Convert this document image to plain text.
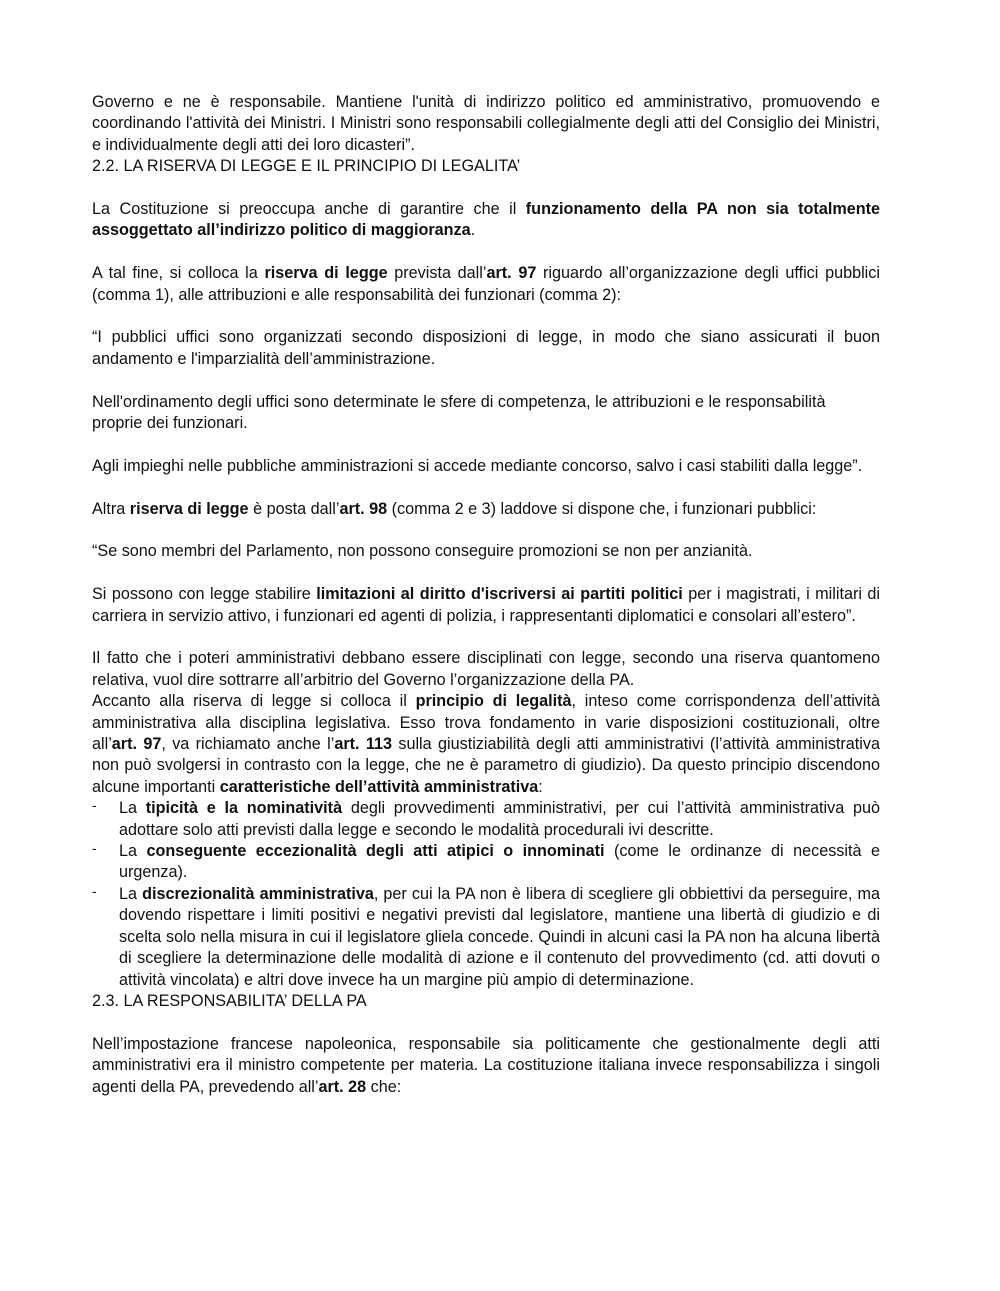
Governo e ne è responsabile. Mantiene l'unità di indirizzo politico ed amministrativo, promuovendo e coordinando l'attività dei Ministri. I Ministri sono responsabili collegialmente degli atti del Consiglio dei Ministri, e individualmente degli atti dei loro dicasteri”.

2.2. LA RISERVA DI LEGGE E IL PRINCIPIO DI LEGALITA’

La Costituzione si preoccupa anche di garantire che il funzionamento della PA non sia totalmente assoggettato all’indirizzo politico di maggioranza.

A tal fine, si colloca la riserva di legge prevista dall’art. 97 riguardo all’organizzazione degli uffici pubblici (comma 1), alle attribuzioni e alle responsabilità dei funzionari (comma 2):

“I pubblici uffici sono organizzati secondo disposizioni di legge, in modo che siano assicurati il buon andamento e l'imparzialità dell’amministrazione.

Nell'ordinamento degli uffici sono determinate le sfere di competenza, le attribuzioni e le responsabilità proprie dei funzionari.

Agli impieghi nelle pubbliche amministrazioni si accede mediante concorso, salvo i casi stabiliti dalla legge”.

Altra riserva di legge è posta dall’art. 98 (comma 2 e 3) laddove si dispone che, i funzionari pubblici:

“Se sono membri del Parlamento, non possono conseguire promozioni se non per anzianità.

Si possono con legge stabilire limitazioni al diritto d'iscriversi ai partiti politici per i magistrati, i militari di carriera in servizio attivo, i funzionari ed agenti di polizia, i rappresentanti diplomatici e consolari all’estero”.

Il fatto che i poteri amministrativi debbano essere disciplinati con legge, secondo una riserva quantomeno relativa, vuol dire sottrarre all’arbitrio del Governo l’organizzazione della PA.

Accanto alla riserva di legge si colloca il principio di legalità, inteso come corrispondenza dell’attività amministrativa alla disciplina legislativa. Esso trova fondamento in varie disposizioni costituzionali, oltre all’art. 97, va richiamato anche l’art. 113 sulla giustiziabilità degli atti amministrativi (l’attività amministrativa non può svolgersi in contrasto con la legge, che ne è parametro di giudizio). Da questo principio discendono alcune importanti caratteristiche dell’attività amministrativa:

- La tipicità e la nominatività degli provvedimenti amministrativi, per cui l’attività amministrativa può adottare solo atti previsti dalla legge e secondo le modalità procedurali ivi descritte.
- La conseguente eccezionalità degli atti atipici o innominati (come le ordinanze di necessità e urgenza).
- La discrezionalità amministrativa, per cui la PA non è libera di scegliere gli obbiettivi da perseguire, ma dovendo rispettare i limiti positivi e negativi previsti dal legislatore, mantiene una libertà di giudizio e di scelta solo nella misura in cui il legislatore gliela concede. Quindi in alcuni casi la PA non ha alcuna libertà di scegliere la determinazione delle modalità di azione e il contenuto del provvedimento (cd. atti dovuti o attività vincolata) e altri dove invece ha un margine più ampio di determinazione.

2.3. LA RESPONSABILITA’ DELLA PA

Nell’impostazione francese napoleonica, responsabile sia politicamente che gestionalmente degli atti amministrativi era il ministro competente per materia. La costituzione italiana invece responsabilizza i singoli agenti della PA, prevedendo all’art. 28 che:
